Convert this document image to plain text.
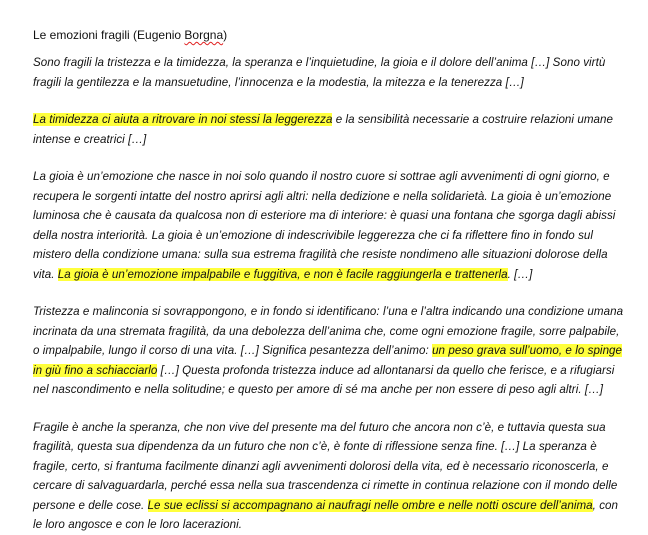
Le emozioni fragili (Eugenio Borgna)

Sono fragili la tristezza e la timidezza, la speranza e l’inquietudine, la gioia e il dolore dell’anima […] Sono virtù fragili la gentilezza e la mansuetudine, l’innocenza e la modestia, la mitezza e la tenerezza […]

La timidezza ci aiuta a ritrovare in noi stessi la leggerezza e la sensibilità necessarie a costruire relazioni umane intense e creatrici […]

La gioia è un’emozione che nasce in noi solo quando il nostro cuore si sottrae agli avvenimenti di ogni giorno, e recupera le sorgenti intatte del nostro aprirsi agli altri: nella dedizione e nella solidarietà. La gioia è un’emozione luminosa che è causata da qualcosa non di esteriore ma di interiore: è quasi una fontana che sgorga dagli abissi della nostra interiorità. La gioia è un’emozione di indescrivibile leggerezza che ci fa riflettere fino in fondo sul mistero della condizione umana: sulla sua estrema fragilità che resiste nondimeno alle situazioni dolorose della vita. La gioia è un’emozione impalpabile e fuggitiva, e non è facile raggiungerla e trattenerla. […]

Tristezza e malinconia si sovrappongono, e in fondo si identificano: l’una e l’altra indicando una condizione umana incrinata da una stremata fragilità, da una debolezza dell’anima che, come ogni emozione fragile, sorre palpabile, o impalpabile, lungo il corso di una vita. […] Significa pesantezza dell’animo: un peso grava sull’uomo, e lo spinge in giù fino a schiacciarlo […] Questa profonda tristezza induce ad allontanarsi da quello che ferisce, e a rifugiarsi nel nascondimento e nella solitudine; e questo per amore di sé ma anche per non essere di peso agli altri. […]

Fragile è anche la speranza, che non vive del presente ma del futuro che ancora non c’è, e tuttavia questa sua fragilità, questa sua dipendenza da un futuro che non c’è, è fonte di riflessione senza fine. […] La speranza è fragile, certo, si frantuma facilmente dinanzi agli avvenimenti dolorosi della vita, ed è necessario riconoscerla, e cercare di salvaguardarla, perché essa nella sua trascendenza ci rimette in continua relazione con il mondo delle persone e delle cose. Le sue eclissi si accompagnano ai naufragi nelle ombre e nelle notti oscure dell’anima, con le loro angosce e con le loro lacerazioni.
